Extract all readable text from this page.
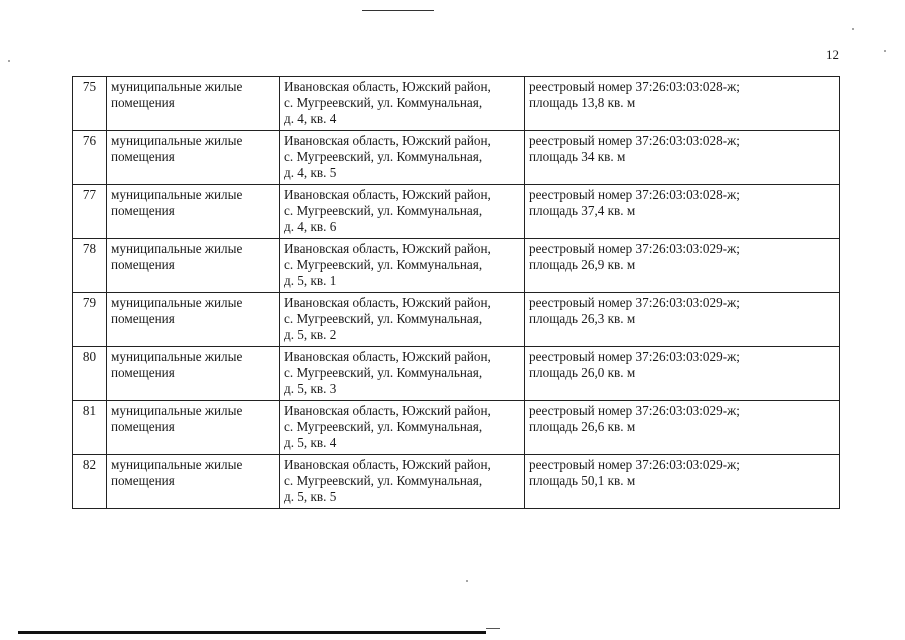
12
75	муниципальные жилые
помещения	Ивановская область, Южский район,
с. Мугреевский, ул. Коммунальная,
д. 4, кв. 4	реестровый номер 37:26:03:03:028-ж;
площадь 13,8 кв. м

76	муниципальные жилые
помещения	Ивановская область, Южский район,
с. Мугреевский, ул. Коммунальная,
д. 4, кв. 5	реестровый номер 37:26:03:03:028-ж;
площадь 34 кв. м

77	муниципальные жилые
помещения	Ивановская область, Южский район,
с. Мугреевский, ул. Коммунальная,
д. 4, кв. 6	реестровый номер 37:26:03:03:028-ж;
площадь 37,4 кв. м

78	муниципальные жилые
помещения	Ивановская область, Южский район,
с. Мугреевский, ул. Коммунальная,
д. 5, кв. 1	реестровый номер 37:26:03:03:029-ж;
площадь 26,9 кв. м

79	муниципальные жилые
помещения	Ивановская область, Южский район,
с. Мугреевский, ул. Коммунальная,
д. 5, кв. 2	реестровый номер 37:26:03:03:029-ж;
площадь 26,3 кв. м

80	муниципальные жилые
помещения	Ивановская область, Южский район,
с. Мугреевский, ул. Коммунальная,
д. 5, кв. 3	реестровый номер 37:26:03:03:029-ж;
площадь 26,0 кв. м

81	муниципальные жилые
помещения	Ивановская область, Южский район,
с. Мугреевский, ул. Коммунальная,
д. 5, кв. 4	реестровый номер 37:26:03:03:029-ж;
площадь 26,6 кв. м

82	муниципальные жилые
помещения	Ивановская область, Южский район,
с. Мугреевский, ул. Коммунальная,
д. 5, кв. 5	реестровый номер 37:26:03:03:029-ж;
площадь 50,1 кв. м
